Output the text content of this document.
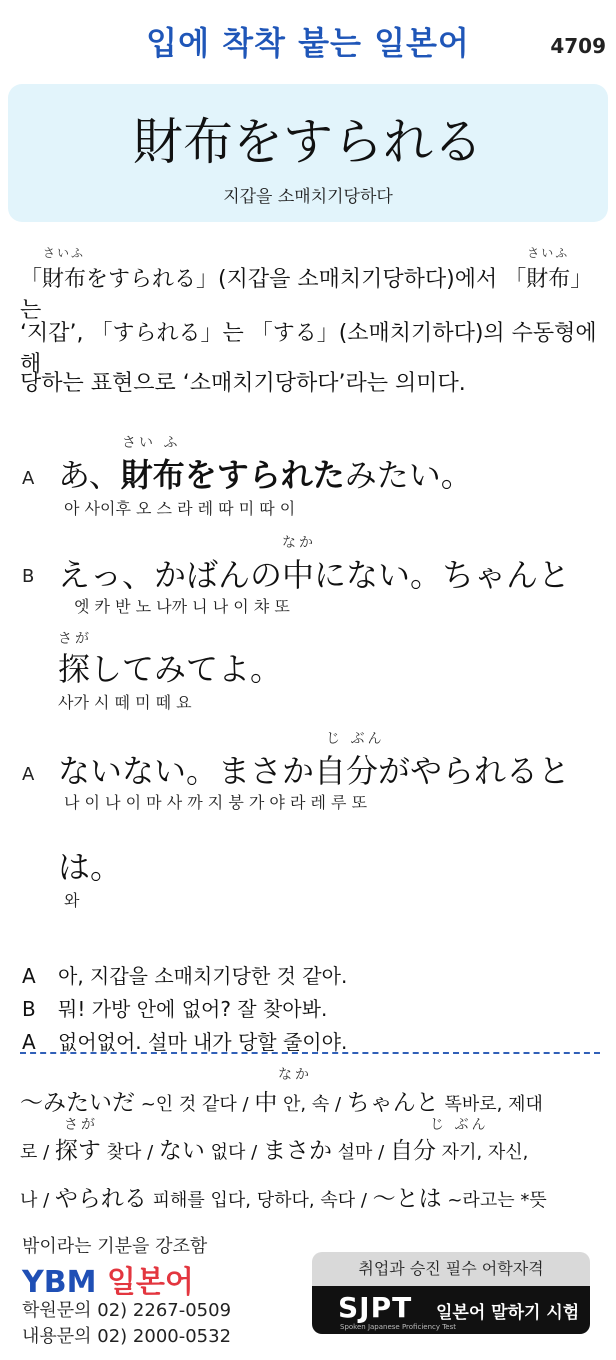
입에 착착 붙는 일본어	4709
財布をすられる
지갑을 소매치기당하다
「
さいふ
財布をすられる」(지갑을 소매치기당하다)에서 「
さいふ
財布」는
‘지갑’, 「すられる」는 「する」(소매치기하다)의 수동형에 해
당하는 표현으로 ‘소매치기당하다’라는 의미다.
A
さい ふ
あ、財布をすられたみたい。
아 사이후 오 스 라 레 따 미 따 이
B
なか
えっ、かばんの中にない。ちゃんと
엣 카 반 노 나까 니 나 이 챠 또
さが
探してみてよ。
사가 시 떼 미 떼 요
A
じ ぶん
ないない。まさか自分がやられると
나 이 나 이 마 사 까 지 붕 가 야 라 레 루 또
は。
와
A 아, 지갑을 소매치기당한 것 같아.
B 뭐! 가방 안에 없어? 잘 찾아봐.
A 없어없어. 설마 내가 당할 줄이야.
なか
～みたいだ ~인 것 같다 / 中 안, 속 / ちゃんと 똑바로, 제대
さが	じ ぶん
로 / 探す 찾다 / ない 없다 / まさか 설마 / 自分 자기, 자신,
나 / やられる 피해를 입다, 당하다, 속다 / ～とは ~라고는 *뜻
밖이라는 기분을 강조함
YBM 일본어
학원문의 02) 2267-0509
내용문의 02) 2000-0532
취업과 승진 필수 어학자격
SJPT
Spoken Japanese Proficiency Test
일본어 말하기 시험
